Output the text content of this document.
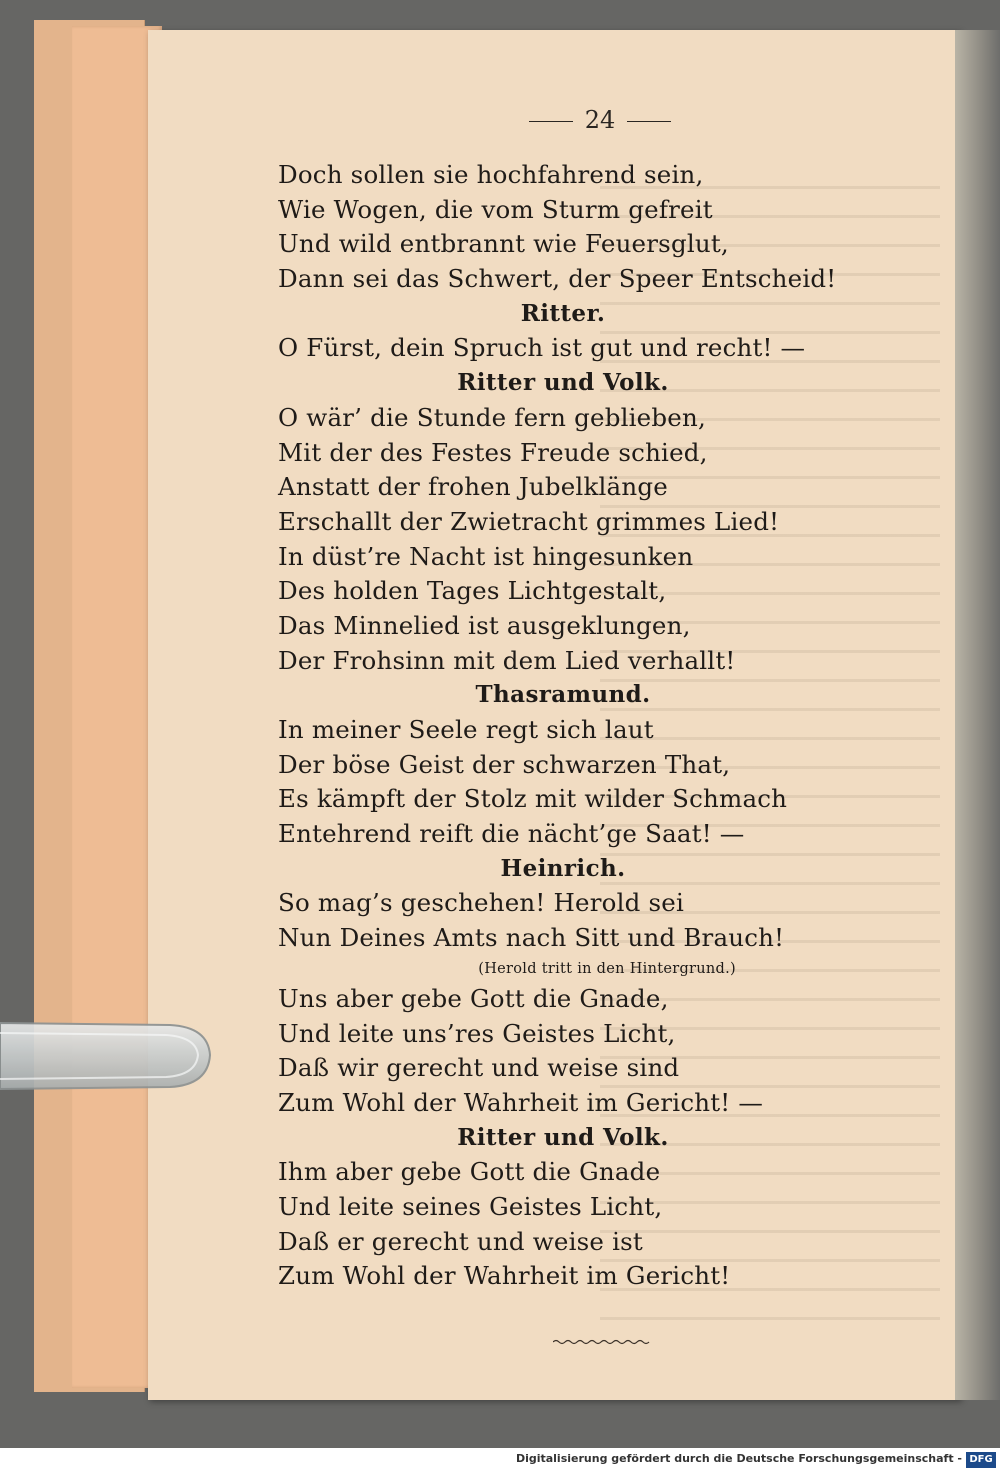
24
Doch sollen sie hochfahrend sein,
Wie Wogen, die vom Sturm gefreit
Und wild entbrannt wie Feuersglut,
Dann sei das Schwert, der Speer Entscheid!
Ritter.
O Fürst, dein Spruch ist gut und recht! —
Ritter und Volk.
O wär’ die Stunde fern geblieben,
Mit der des Festes Freude schied,
Anstatt der frohen Jubelklänge
Erschallt der Zwietracht grimmes Lied!
In düst’re Nacht ist hingesunken
Des holden Tages Lichtgestalt,
Das Minnelied ist ausgeklungen,
Der Frohsinn mit dem Lied verhallt!
Thasramund.
In meiner Seele regt sich laut
Der böse Geist der schwarzen That,
Es kämpft der Stolz mit wilder Schmach
Entehrend reift die nächt’ge Saat! —
Heinrich.
So mag’s geschehen! Herold sei
Nun Deines Amts nach Sitt und Brauch!
(Herold tritt in den Hintergrund.)
Uns aber gebe Gott die Gnade,
Und leite uns’res Geistes Licht,
Daß wir gerecht und weise sind
Zum Wohl der Wahrheit im Gericht! —
Ritter und Volk.
Ihm aber gebe Gott die Gnade
Und leite seines Geistes Licht,
Daß er gerecht und weise ist
Zum Wohl der Wahrheit im Gericht!
Digitalisierung gefördert durch die Deutsche Forschungsgemeinschaft - DFG
